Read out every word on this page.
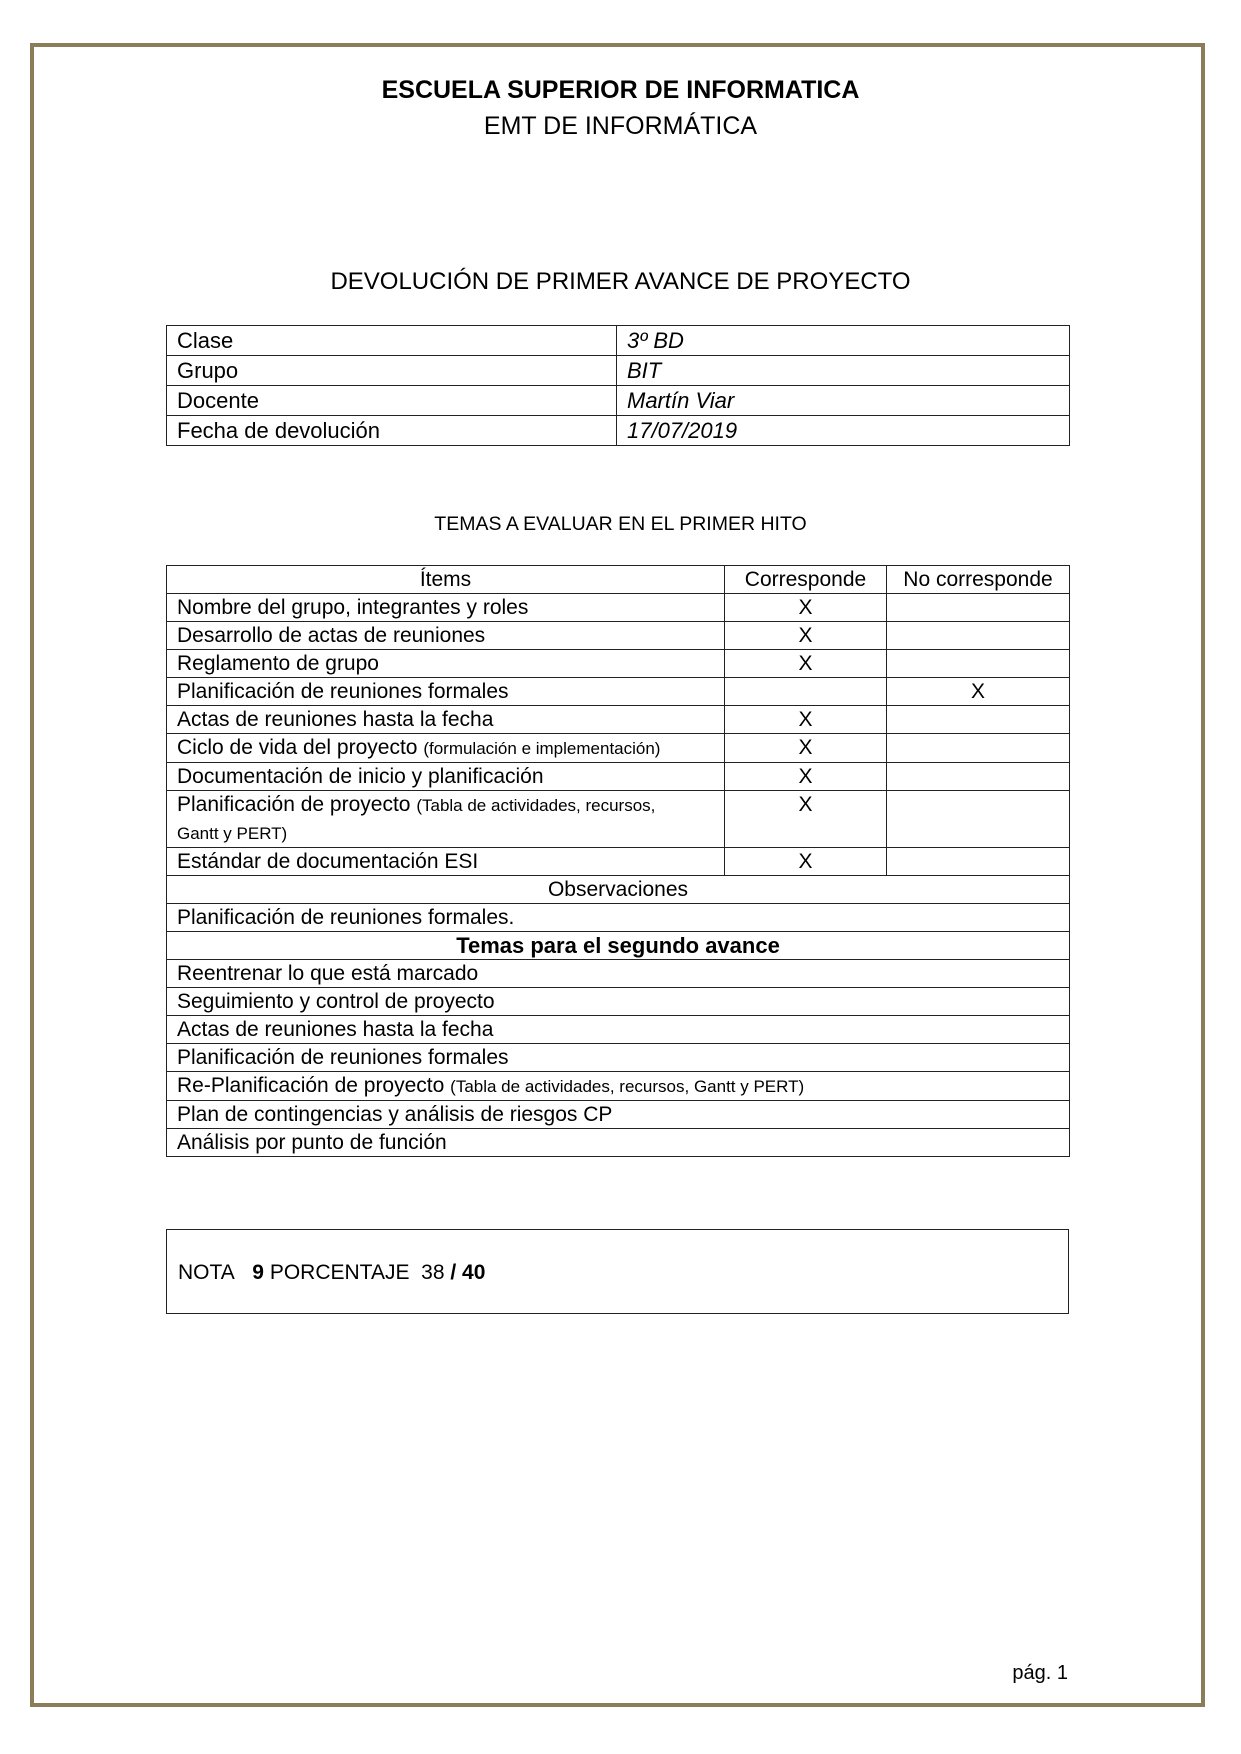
ESCUELA SUPERIOR DE INFORMATICA
EMT DE INFORMÁTICA
DEVOLUCIÓN DE PRIMER AVANCE DE PROYECTO
Clase	3º BD
Grupo	BIT
Docente	Martín Viar
Fecha de devolución	17/07/2019
TEMAS A EVALUAR EN EL PRIMER HITO
Ítems	Corresponde	No corresponde
Nombre del grupo, integrantes y roles	X	
Desarrollo de actas de reuniones	X	
Reglamento de grupo	X	
Planificación de reuniones formales		X
Actas de reuniones hasta la fecha	X	
Ciclo de vida del proyecto (formulación e implementación)	X	
Documentación de inicio y planificación	X	
Planificación de proyecto (Tabla de actividades, recursos,
Gantt y PERT)	X	
Estándar de documentación ESI	X	
Observaciones		
Planificación de reuniones formales.		
Temas para el segundo avance		
Reentrenar lo que está marcado		
Seguimiento y control de proyecto		
Actas de reuniones hasta la fecha		
Planificación de reuniones formales		
Re-Planificación de proyecto (Tabla de actividades, recursos, Gantt y PERT)		
Plan de contingencias y análisis de riesgos CP		
Análisis por punto de función		
NOTA 9 PORCENTAJE 38 / 40
pág. 1
